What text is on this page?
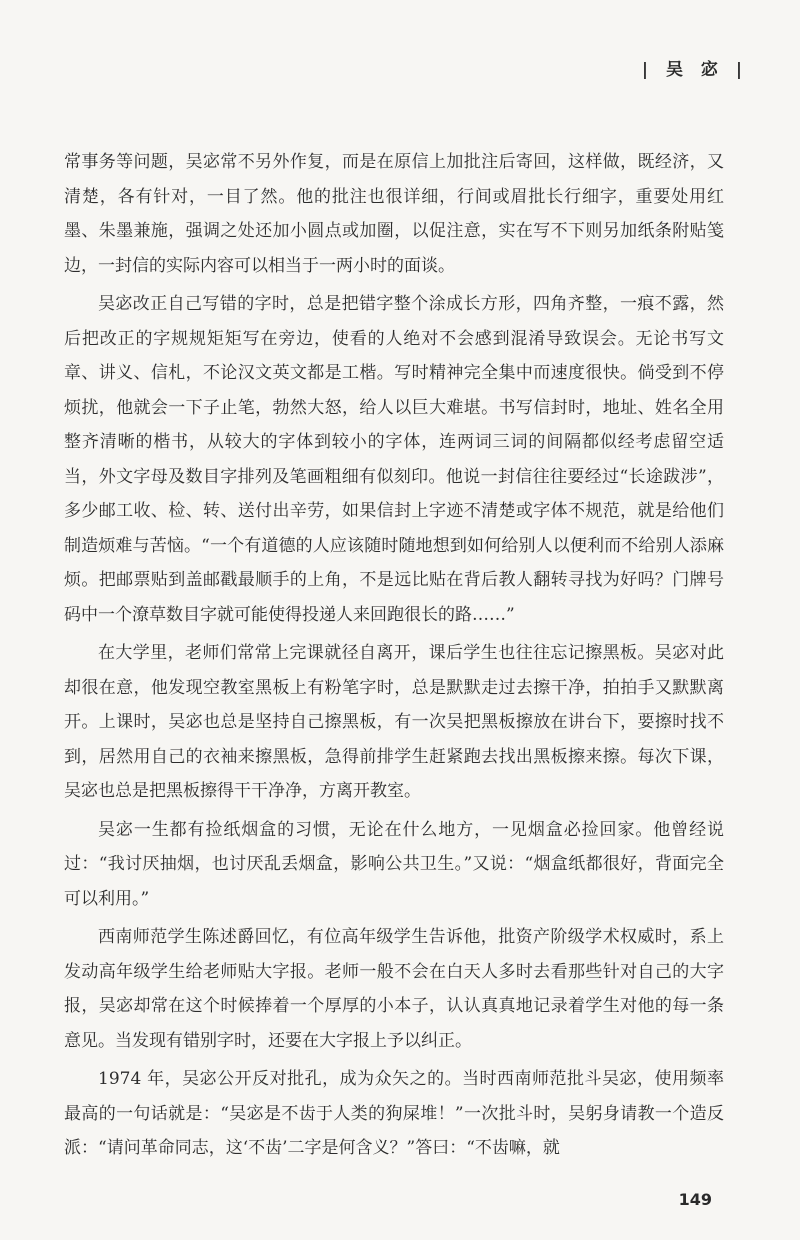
| 吴 宓 |

常事务等问题，吴宓常不另外作复，而是在原信上加批注后寄回，这样做，既经济，又清楚，各有针对，一目了然。他的批注也很详细，行间或眉批长行细字，重要处用红墨、朱墨兼施，强调之处还加小圆点或加圈，以促注意，实在写不下则另加纸条附贴笺边，一封信的实际内容可以相当于一两小时的面谈。

吴宓改正自己写错的字时，总是把错字整个涂成长方形，四角齐整，一痕不露，然后把改正的字规规矩矩写在旁边，使看的人绝对不会感到混淆导致误会。无论书写文章、讲义、信札，不论汉文英文都是工楷。写时精神完全集中而速度很快。倘受到不停烦扰，他就会一下子止笔，勃然大怒，给人以巨大难堪。书写信封时，地址、姓名全用整齐清晰的楷书，从较大的字体到较小的字体，连两词三词的间隔都似经考虑留空适当，外文字母及数目字排列及笔画粗细有似刻印。他说一封信往往要经过“长途跋涉”，多少邮工收、检、转、送付出辛劳，如果信封上字迹不清楚或字体不规范，就是给他们制造烦难与苦恼。“一个有道德的人应该随时随地想到如何给别人以便利而不给别人添麻烦。把邮票贴到盖邮戳最顺手的上角，不是远比贴在背后教人翻转寻找为好吗？门牌号码中一个潦草数目字就可能使得投递人来回跑很长的路……”

在大学里，老师们常常上完课就径自离开，课后学生也往往忘记擦黑板。吴宓对此却很在意，他发现空教室黑板上有粉笔字时，总是默默走过去擦干净，拍拍手又默默离开。上课时，吴宓也总是坚持自己擦黑板，有一次吴把黑板擦放在讲台下，要擦时找不到，居然用自己的衣袖来擦黑板，急得前排学生赶紧跑去找出黑板擦来擦。每次下课，吴宓也总是把黑板擦得干干净净，方离开教室。

吴宓一生都有捡纸烟盒的习惯，无论在什么地方，一见烟盒必捡回家。他曾经说过：“我讨厌抽烟，也讨厌乱丢烟盒，影响公共卫生。”又说：“烟盒纸都很好，背面完全可以利用。”

西南师范学生陈述爵回忆，有位高年级学生告诉他，批资产阶级学术权威时，系上发动高年级学生给老师贴大字报。老师一般不会在白天人多时去看那些针对自己的大字报，吴宓却常在这个时候捧着一个厚厚的小本子，认认真真地记录着学生对他的每一条意见。当发现有错别字时，还要在大字报上予以纠正。

1974 年，吴宓公开反对批孔，成为众矢之的。当时西南师范批斗吴宓，使用频率最高的一句话就是：“吴宓是不齿于人类的狗屎堆！”一次批斗时，吴躬身请教一个造反派：“请问革命同志，这‘不齿’二字是何含义？”答曰：“不齿嘛，就

149
